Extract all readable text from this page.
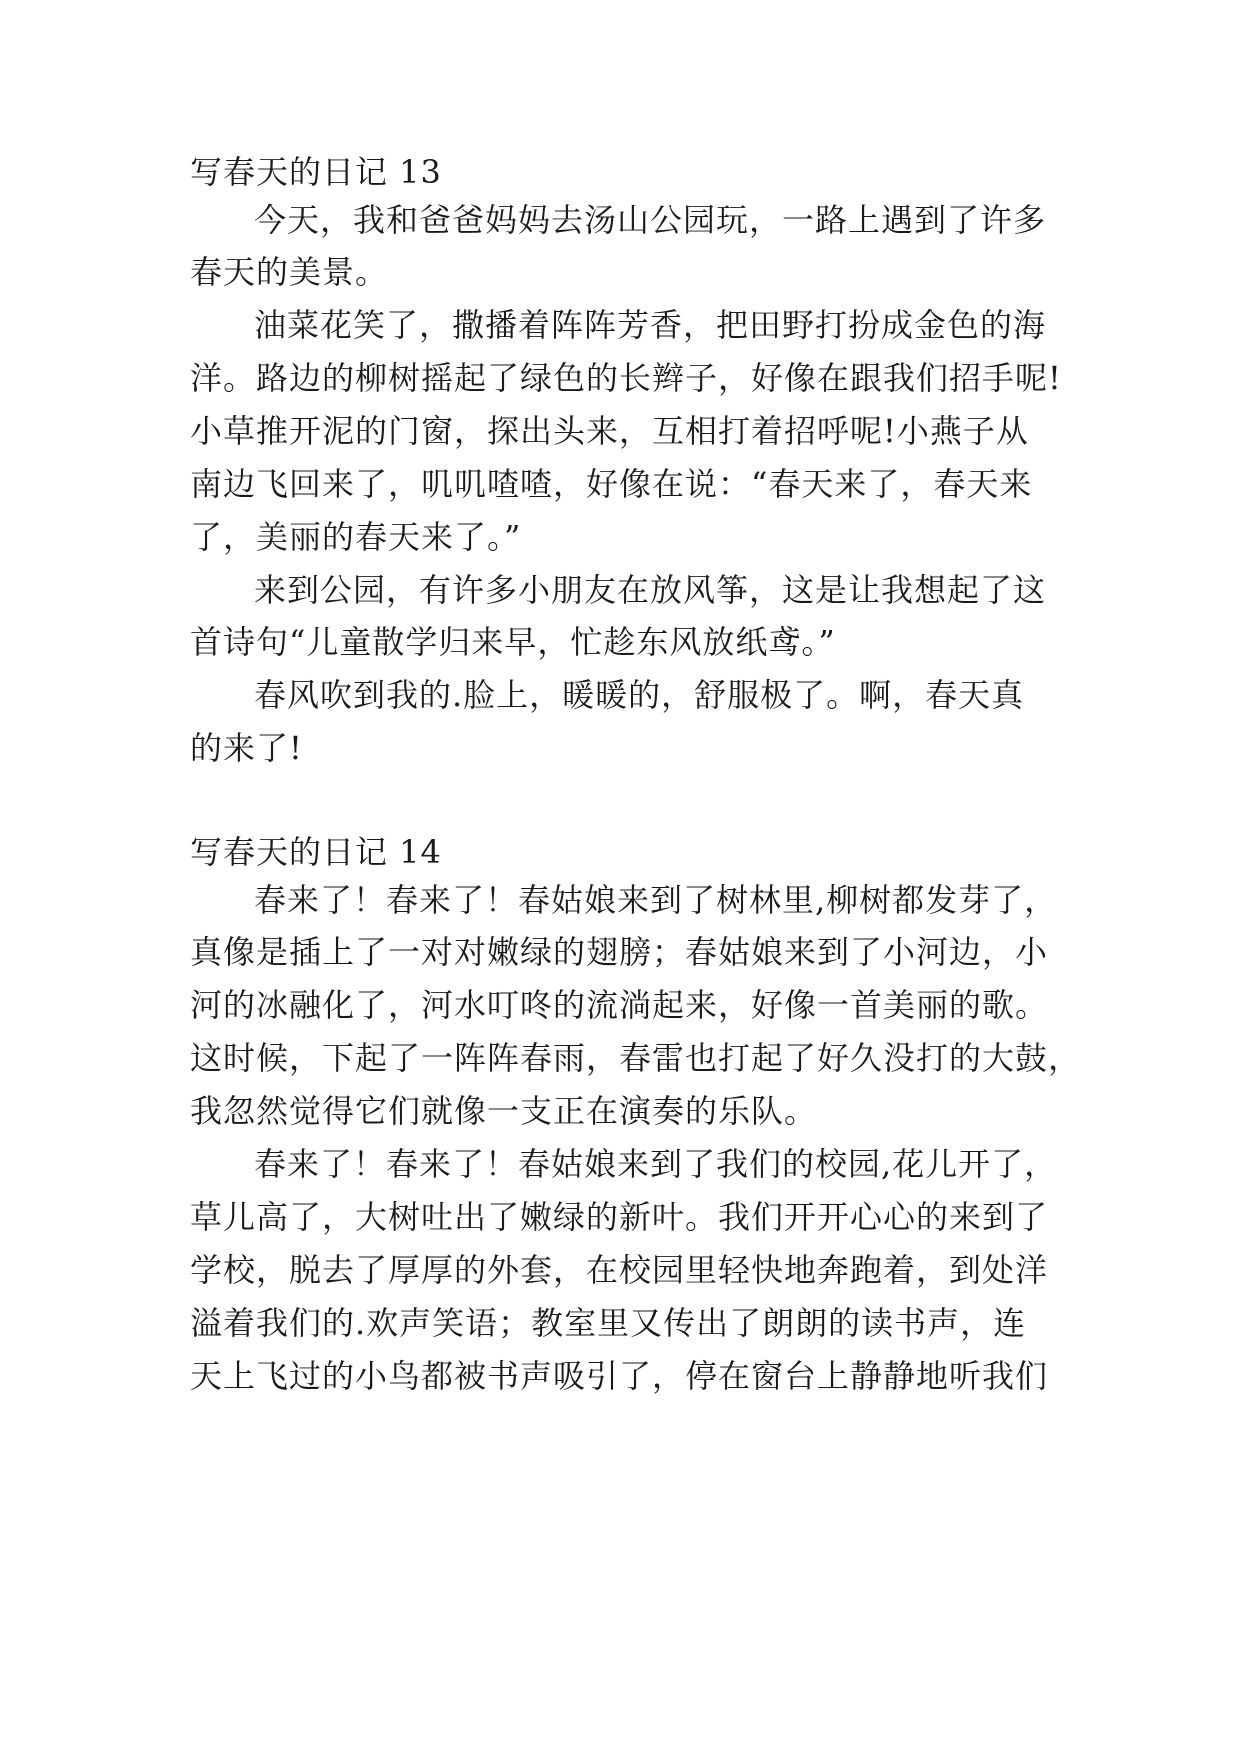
写春天的日记 13
今天，我和爸爸妈妈去汤山公园玩，一路上遇到了许多
春天的美景。
油菜花笑了，撒播着阵阵芳香，把田野打扮成金色的海
洋。路边的柳树摇起了绿色的长辫子，好像在跟我们招手呢!
小草推开泥的门窗，探出头来，互相打着招呼呢!小燕子从
南边飞回来了，叽叽喳喳，好像在说：“春天来了，春天来
了，美丽的春天来了。”
来到公园，有许多小朋友在放风筝，这是让我想起了这
首诗句“儿童散学归来早，忙趁东风放纸鸢。”
春风吹到我的.脸上，暖暖的，舒服极了。啊，春天真
的来了!
写春天的日记 14
春来了！春来了！春姑娘来到了树林里,柳树都发芽了，
真像是插上了一对对嫩绿的翅膀；春姑娘来到了小河边，小
河的冰融化了，河水叮咚的流淌起来，好像一首美丽的歌。
这时候，下起了一阵阵春雨，春雷也打起了好久没打的大鼓，
我忽然觉得它们就像一支正在演奏的乐队。
春来了！春来了！春姑娘来到了我们的校园,花儿开了，
草儿高了，大树吐出了嫩绿的新叶。我们开开心心的来到了
学校，脱去了厚厚的外套，在校园里轻快地奔跑着，到处洋
溢着我们的.欢声笑语；教室里又传出了朗朗的读书声，连
天上飞过的小鸟都被书声吸引了，停在窗台上静静地听我们
